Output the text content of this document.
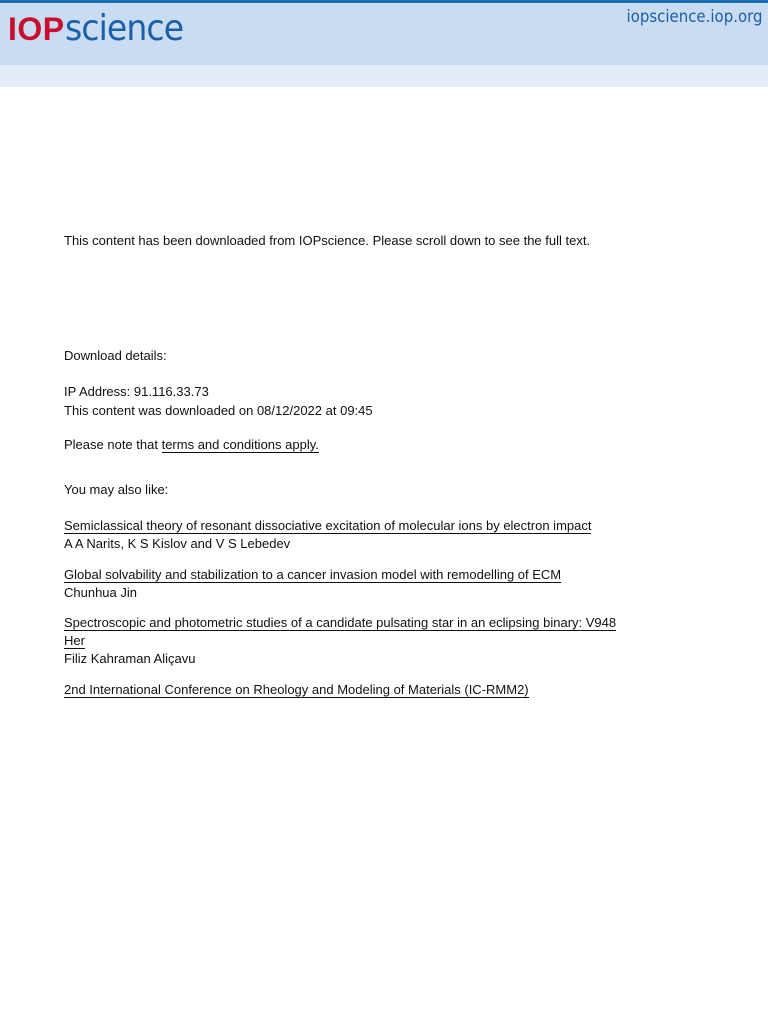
IOP science	iopscience.iop.org
This content has been downloaded from IOPscience. Please scroll down to see the full text.
Download details:
IP Address: 91.116.33.73
This content was downloaded on 08/12/2022 at 09:45
Please note that terms and conditions apply.
You may also like:
Semiclassical theory of resonant dissociative excitation of molecular ions by electron impact
A A Narits, K S Kislov and V S Lebedev
Global solvability and stabilization to a cancer invasion model with remodelling of ECM
Chunhua Jin
Spectroscopic and photometric studies of a candidate pulsating star in an eclipsing binary: V948 Her
Filiz Kahraman Aliçavu
2nd International Conference on Rheology and Modeling of Materials (IC-RMM2)
